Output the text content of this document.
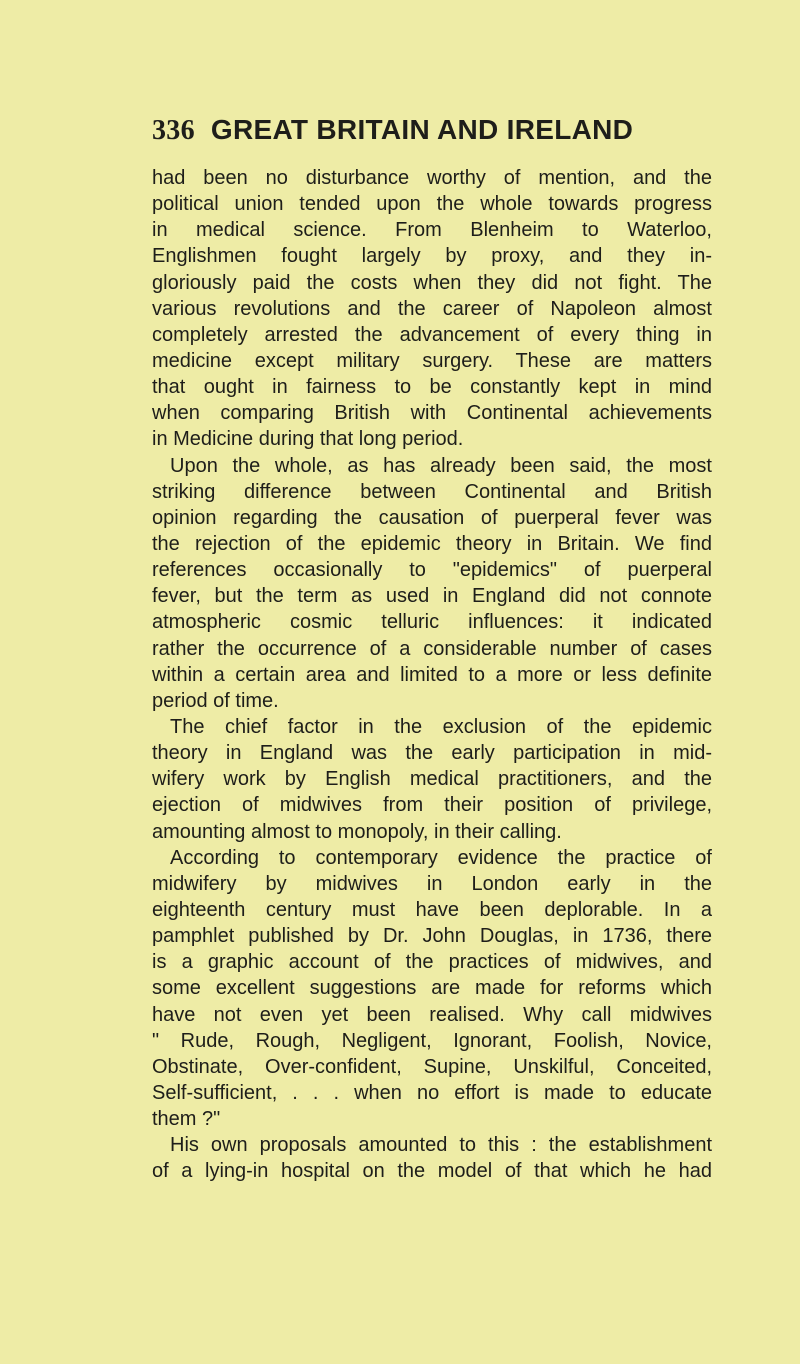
336 GREAT BRITAIN AND IRELAND
had been no disturbance worthy of mention, and the
political union tended upon the whole towards progress
in medical science. From Blenheim to Waterloo,
Englishmen fought largely by proxy, and they in-
gloriously paid the costs when they did not fight. The
various revolutions and the career of Napoleon almost
completely arrested the advancement of every thing in
medicine except military surgery. These are matters
that ought in fairness to be constantly kept in mind
when comparing British with Continental achievements
in Medicine during that long period.
Upon the whole, as has already been said, the most
striking difference between Continental and British
opinion regarding the causation of puerperal fever was
the rejection of the epidemic theory in Britain. We find
references occasionally to "epidemics" of puerperal
fever, but the term as used in England did not connote
atmospheric cosmic telluric influences: it indicated
rather the occurrence of a considerable number of cases
within a certain area and limited to a more or less definite
period of time.
The chief factor in the exclusion of the epidemic
theory in England was the early participation in mid-
wifery work by English medical practitioners, and the
ejection of midwives from their position of privilege,
amounting almost to monopoly, in their calling.
According to contemporary evidence the practice of
midwifery by midwives in London early in the
eighteenth century must have been deplorable. In a
pamphlet published by Dr. John Douglas, in 1736, there
is a graphic account of the practices of midwives, and
some excellent suggestions are made for reforms which
have not even yet been realised. Why call midwives
" Rude, Rough, Negligent, Ignorant, Foolish, Novice,
Obstinate, Over-confident, Supine, Unskilful, Conceited,
Self-sufficient, . . . when no effort is made to educate
them ?"
His own proposals amounted to this : the establishment
of a lying-in hospital on the model of that which he had
